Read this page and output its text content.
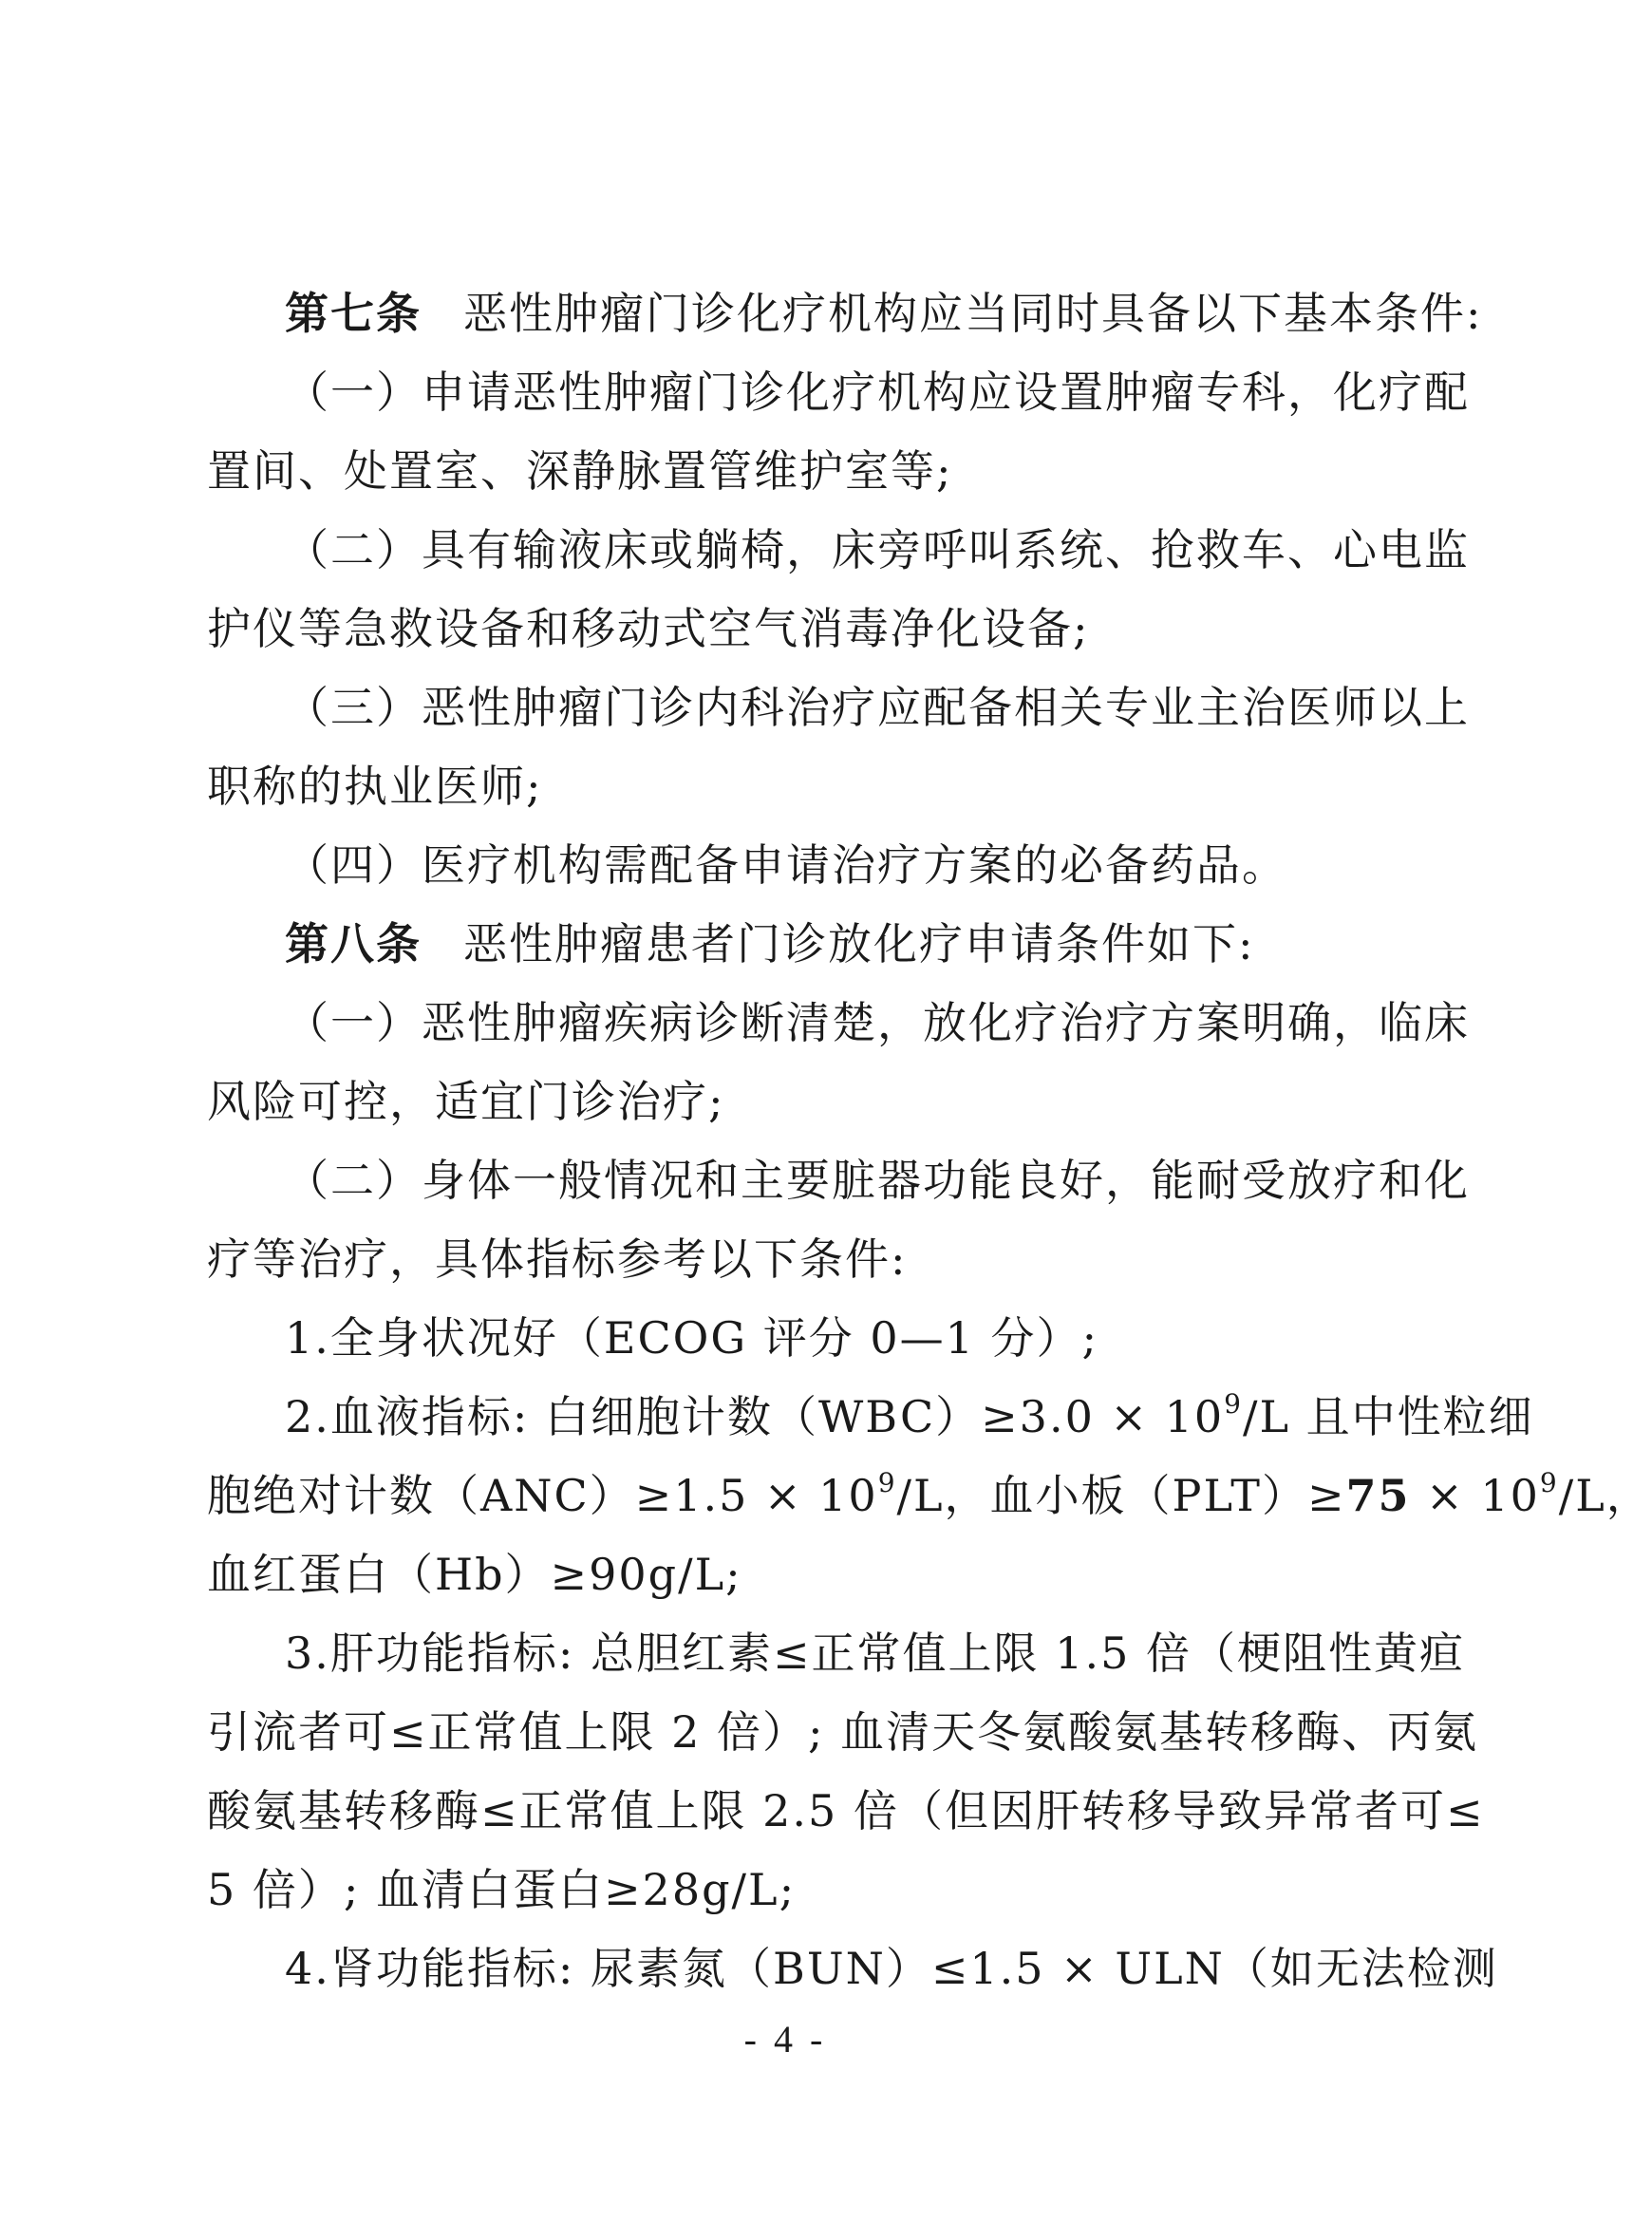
第七条 恶性肿瘤门诊化疗机构应当同时具备以下基本条件:
（一）申请恶性肿瘤门诊化疗机构应设置肿瘤专科，化疗配
置间、处置室、深静脉置管维护室等;
（二）具有输液床或躺椅，床旁呼叫系统、抢救车、心电监
护仪等急救设备和移动式空气消毒净化设备;
（三）恶性肿瘤门诊内科治疗应配备相关专业主治医师以上
职称的执业医师;
（四）医疗机构需配备申请治疗方案的必备药品。
第八条 恶性肿瘤患者门诊放化疗申请条件如下:
（一）恶性肿瘤疾病诊断清楚，放化疗治疗方案明确，临床
风险可控，适宜门诊治疗;
（二）身体一般情况和主要脏器功能良好，能耐受放疗和化
疗等治疗，具体指标参考以下条件:
1.全身状况好（ECOG 评分 0—1 分）;
2.血液指标: 白细胞计数$(WBC)\ge 3.0 \times 10^9/L$ 且中性粒细
胞绝对计数$(ANC)\ge 1.5 \times 10^9/L$，血小板$(PLT)\ge 75 \times 10^9/L$，
血红蛋白（Hb）≥90g/L;
3.肝功能指标: 总胆红素≤正常值上限 1.5 倍（梗阻性黄疸
引流者可≤正常值上限 2 倍）; 血清天冬氨酸氨基转移酶、丙氨
酸氨基转移酶≤正常值上限 2.5 倍（但因肝转移导致异常者可≤
5 倍）; 血清白蛋白≥28g/L;
4.肾功能指标: 尿素氮（BUN）≤1.5 × ULN（如无法检测
- 4 -
